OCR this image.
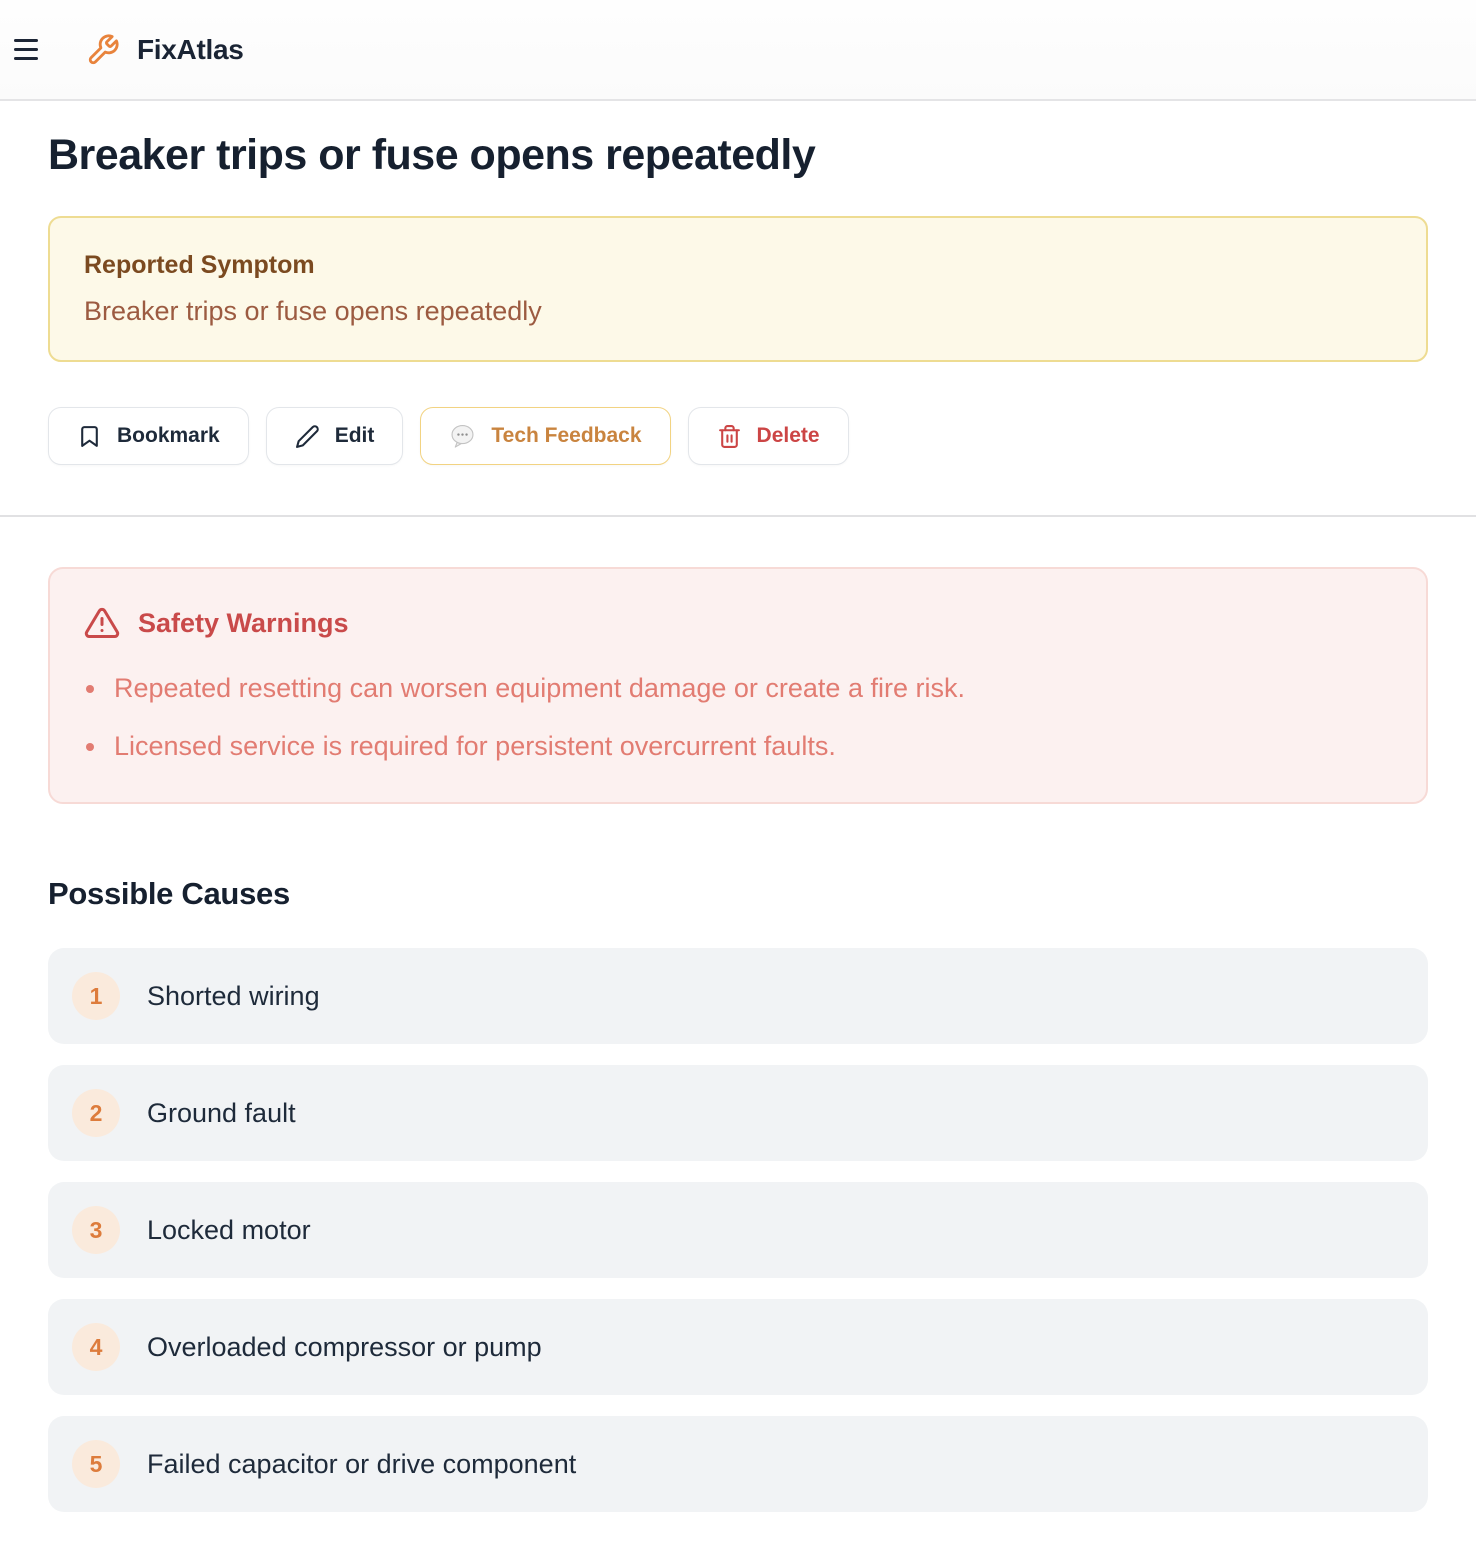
FixAtlas
Breaker trips or fuse opens repeatedly
Reported Symptom
Breaker trips or fuse opens repeatedly
Bookmark	Edit	Tech Feedback	Delete
Safety Warnings
Repeated resetting can worsen equipment damage or create a fire risk.
Licensed service is required for persistent overcurrent faults.
Possible Causes
1	Shorted wiring
2	Ground fault
3	Locked motor
4	Overloaded compressor or pump
5	Failed capacitor or drive component
